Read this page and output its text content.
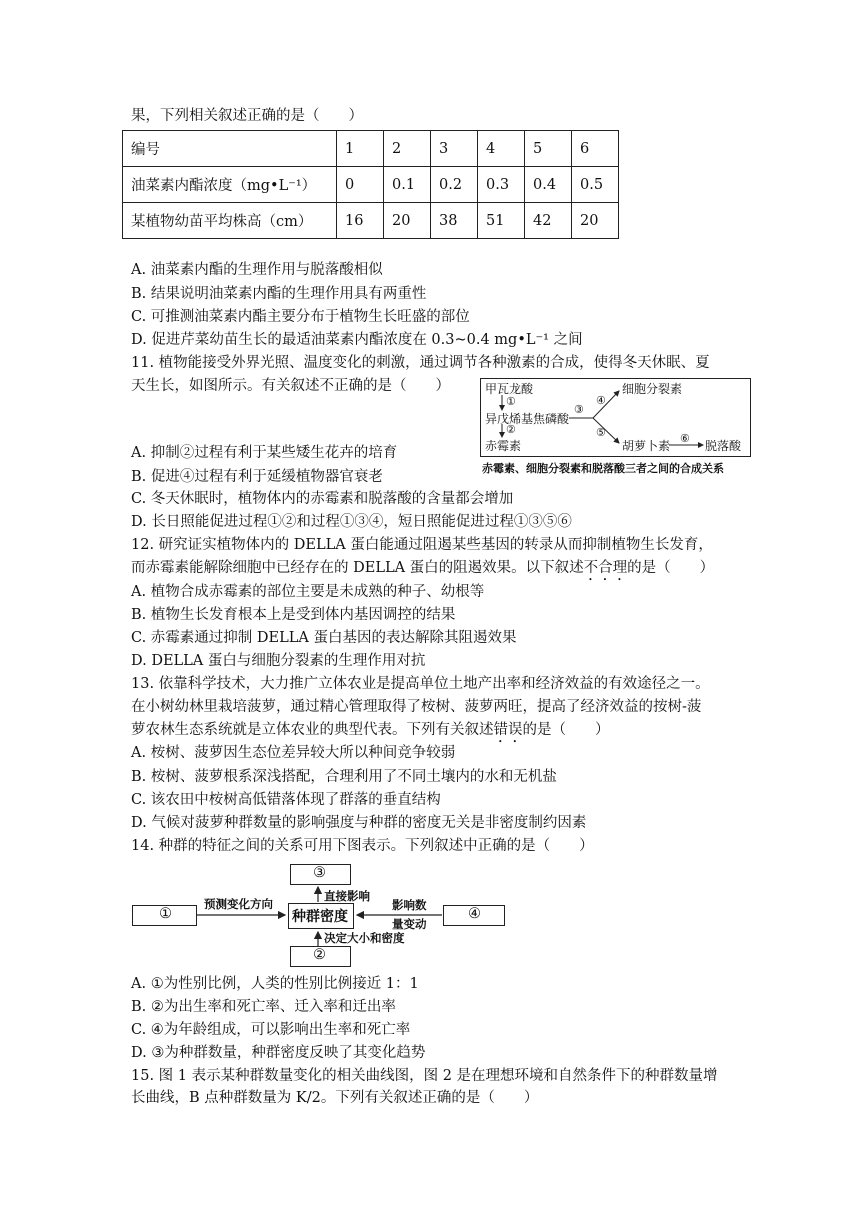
果，下列相关叙述正确的是（　　）
编号	1	2	3	4	5	6
油菜素内酯浓度（mg•L⁻¹）	0	0.1	0.2	0.3	0.4	0.5
某植物幼苗平均株高（cm）	16	20	38	51	42	20
A. 油菜素内酯的生理作用与脱落酸相似
B. 结果说明油菜素内酯的生理作用具有两重性
C. 可推测油菜素内酯主要分布于植物生长旺盛的部位
D. 促进芹菜幼苗生长的最适油菜素内酯浓度在 0.3~0.4 mg•L⁻¹ 之间
11. 植物能接受外界光照、温度变化的刺激，通过调节各种激素的合成，使得冬天休眠、夏
天生长，如图所示。有关叙述不正确的是（　　）	甲瓦龙酸
①
异戊烯基焦磷酸
②
赤霉素
③
④
⑤
细胞分裂素
胡萝卜素
⑥
脱落酸
赤霉素、细胞分裂素和脱落酸三者之间的合成关系
A. 抑制②过程有利于某些矮生花卉的培育
B. 促进④过程有利于延缓植物器官衰老
C. 冬天休眠时，植物体内的赤霉素和脱落酸的含量都会增加
D. 长日照能促进过程①②和过程①③④，短日照能促进过程①③⑤⑥
12. 研究证实植物体内的 DELLA 蛋白能通过阻遏某些基因的转录从而抑制植物生长发育，
而赤霉素能解除细胞中已经存在的 DELLA 蛋白的阻遏效果。以下叙述不合理的是（　　）
A. 植物合成赤霉素的部位主要是未成熟的种子、幼根等
B. 植物生长发育根本上是受到体内基因调控的结果
C. 赤霉素通过抑制 DELLA 蛋白基因的表达解除其阻遏效果
D. DELLA 蛋白与细胞分裂素的生理作用对抗
13. 依靠科学技术，大力推广立体农业是提高单位土地产出率和经济效益的有效途径之一。
在小树幼林里栽培菠萝，通过精心管理取得了桉树、菠萝两旺，提高了经济效益的按树-菠
萝农林生态系统就是立体农业的典型代表。下列有关叙述错误的是（　　）
A. 桉树、菠萝因生态位差异较大所以种间竞争较弱
B. 桉树、菠萝根系深浅搭配，合理利用了不同土壤内的水和无机盐
C. 该农田中桉树高低错落体现了群落的垂直结构
D. 气候对菠萝种群数量的影响强度与种群的密度无关是非密度制约因素
14. 种群的特征之间的关系可用下图表示。下列叙述中正确的是（　　）
①
③
种群密度
②
④
预测变化方向
直接影响
影响数
量变动
决定大小和密度
A. ①为性别比例，人类的性别比例接近 1：1
B. ②为出生率和死亡率、迁入率和迁出率
C. ④为年龄组成，可以影响出生率和死亡率
D. ③为种群数量，种群密度反映了其变化趋势
15. 图 1 表示某种群数量变化的相关曲线图，图 2 是在理想环境和自然条件下的种群数量增
长曲线，B 点种群数量为 K/2。下列有关叙述正确的是（　　）
